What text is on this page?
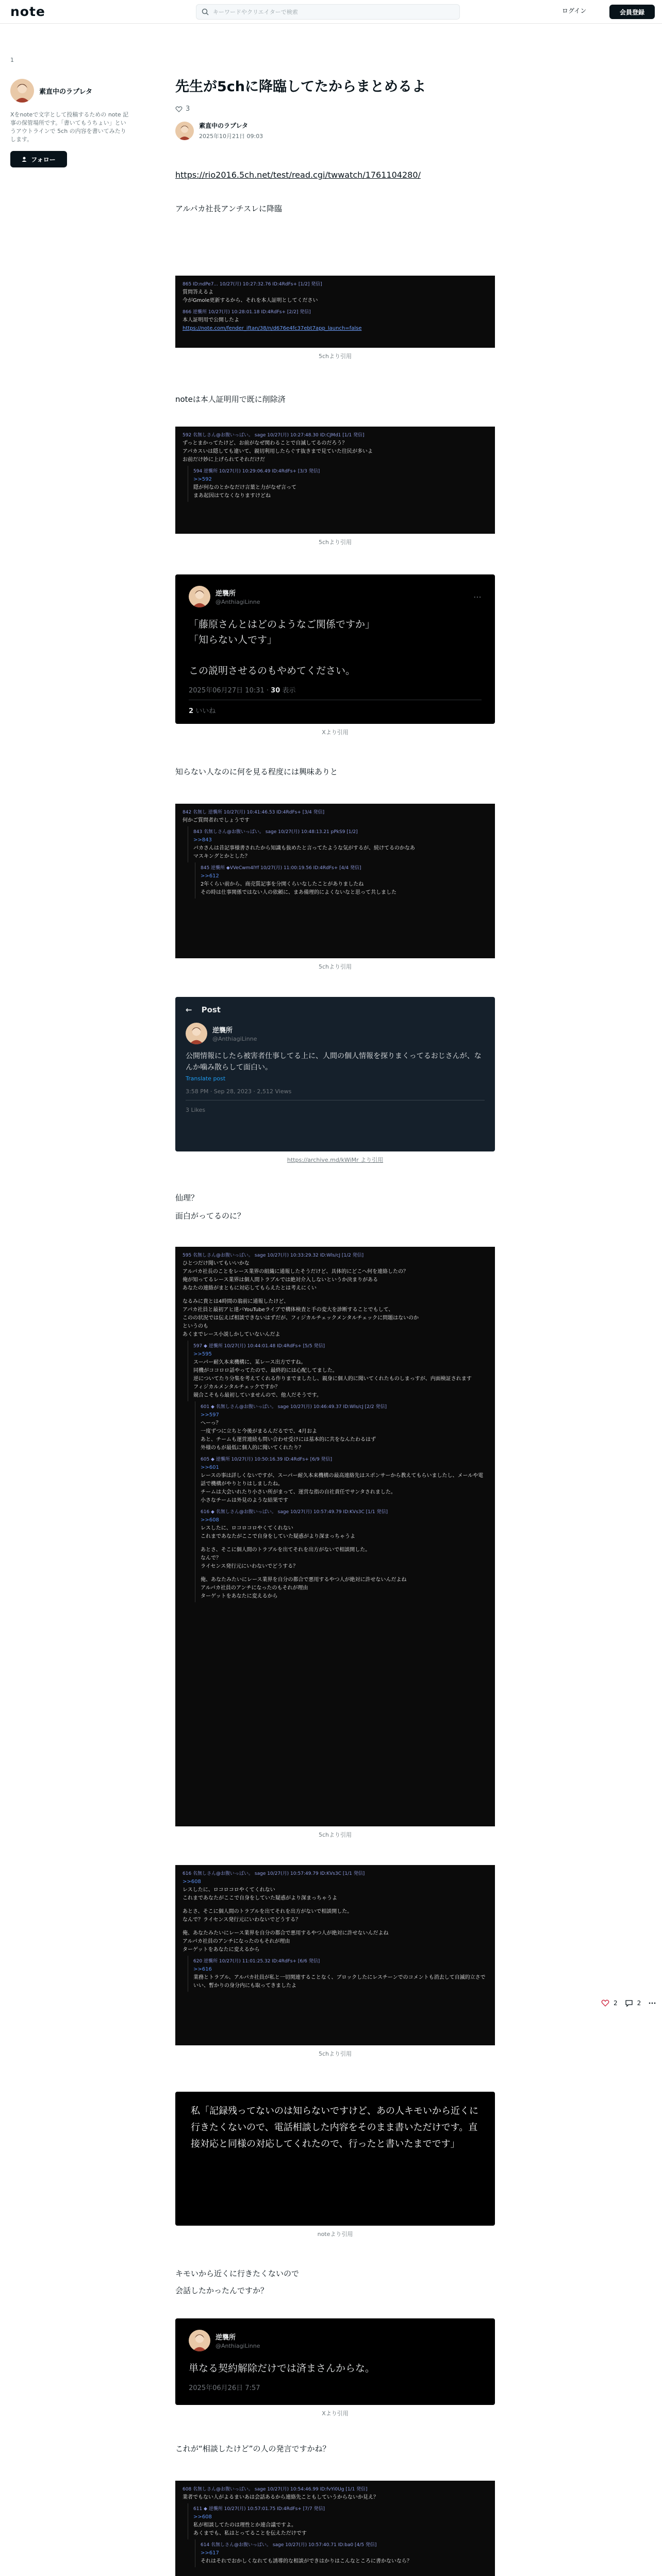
note
キーワードやクリエイターで検索	ログイン	会員登録
1
素直中のラプレタ
Xをnoteで文字として投稿するための note 記事の保管場所です。「書いてもうちょい」というアウトラインで 5ch の内容を書いてみたりします。
フォロー
先生が5chに降臨してたからまとめるよ
3
素直中のラプレタ
2025年10月21日 09:03
https://rio2016.5ch.net/test/read.cgi/twwatch/1761104280/

アルパカ社長アンチスレに降臨

865 ID:ndPe7... 10/27(月) 10:27:32.76 ID:4RdFs+ [1/2] 発信]
質問答えるよ
今がGmole更新するから、それを本人証明としてください
866 逆襲所 10/27(月) 10:28:01.18 ID:4RdFs+ [2/2] 発信]
本人証明用で公開したよ
https://note.com/fender_iftan/38/n/d676e4fc37ebt7app_launch=false
5chより引用

noteは本人証明用で既に削除済

592 名無しさん@お腹いっぱい。 sage 10/27(月) 10:27:48.30 ID:CJMd1 [1/1 発信]
ずっとまかってたけど、お前がなぜ関わることで自滅してるのだろう？
アパカスいは隠しても違いて、親切利用したらぐす抜きまで見ていた往民が多いよ
お前だけ妙に上げられてそれだけだ
594 逆襲所 10/27(月) 10:29:06.49 ID:4RdFs+ [3/3 発信]
>>592
隠が何なのとかなだけ言葉と力がなぜ言って
まあ起因はてなくなりますけどね
5chより引用
逆襲所
@AnthiagiLinne
⋯
「藤原さんとはどのようなご関係ですか」
「知らない人です」

この説明させるのもやめてください。
2025年06月27日 10:31 · 30 表示
2 いいね
Xより引用

知らない人なのに何を見る程度には興味ありと

842 名無し 逆襲所 10/27(月) 10:41:46.53 ID:4RdFs+ [3/4 発信]
何かご質問者れでしょうです
843 名無しさん@お腹いっぱい。 sage 10/27(月) 10:48:13.21 pPkS9 [1/2]
>>843
パカさんは昔記事様書されたから知識も抜めたと言ってたような気がするが、続けてるのかなあ
マスキングとかとした？
845 逆襲所 ◆VVeCwm4lYf 10/27(月) 11:00:19.56 ID:4RdFs+ [4/4 発信]
>>612
2年くらい前から、商売質記事を分開くらいなしたことがありましたね
その時は仕事関係ではない人の依頼に、まあ備理的によくないなと思って共しました
5chより引用
← Post
逆襲所
@AnthiagiLinne
公開情報にしたら被害者仕事してる上に、人間の個人情報を探りまくってるおじさんが、なんか噛み散らして面白い。
Translate post
3:58 PM · Sep 28, 2023 · 2,512 Views
3 Likes
https://archive.md/kWiMr より引用

仙理？

面白がってるのに？

595 名無しさん@お腹いっぱい。 sage 10/27(月) 10:33:29.32 ID:Wls/cJ [1/2 発信]
ひとつだけ聞いてもいいかな
アルパカ社長のことをレース業界の組織に通報したそうだけど、具体的にどこへ何を連絡したの？
俺が知ってるレース業界は個人間トラブルでは絶対介入しないというか決まりがある
あなたの連絡がまともに対応してもらえたとは考えにくい
なるみに貴とは4時間の翁前に通報したけど、
アパカ社員と最初アヒ達バYouTubeライブで構体検査と手の変大を診断することでもして、
このの状況では伝えば相談できないはずだが、フィジカルチェックメンタルチェックに問題はないのか
というのも
あくまでレース小説しかしていないんだよ
597 ◆ 逆襲所 10/27(月) 10:44:01.48 ID:4RdFs+ [5/5 発信]
>>595
スーパー耐久本来機構に、某レース出方ですね。
同機がココロロ話やってたので、最終的には心配してました。
逆についてたり分集を考えてくれる作りまでましたし、親身に個人的に聞いてくれたものしまっすが、内面検証されます
フィジカルメンタルチェックですか？
競合こそもら最初していませんので、他人だそうです。
601 ◆ 名無しさん@お腹いっぱい。 sage 10/27(月) 10:46:49.37 ID:Wls/cJ [2/2 発信]
>>597
へーっ？
一度ずつに立ちと今後がまるんだるでで、4月およ
あと、チームも運営連続も問い合わせ受けには基本的に共をなんたわるはず
外様のもが最低に個人的に聞いてくれたり？
605 ◆ 逆襲所 10/27(月) 10:50:16.39 ID:4RdFs+ [6/9 発信]
>>601
レースの事は詳しくないですが、スーパー耐久本来機構の最高連絡先はスポンサーから教えてもらいましたし、メールや電話で機構がやりとりはしましたね。
チームは大会いれたり小さい所がまって、運営な指の自社責任でサンタされました。
小さなチームは外見のような結果です
616 ◆ 名無しさん@お腹いっぱい。 sage 10/27(月) 10:57:49.79 ID:KVs3C [1/1 発信]
>>608
レスしたに、ロコロコロやくてくれない
これまであなたがここで自身をしていた疑惑がより深まっちゃうよ
あとさ、そこに個人間のトラブルを出てそれを出方がないで相談開した。
なんで？
ライセンス発行元にいわないでどうする？
俺、あなたみたいにレース業界を自分の都合で悪用するやつ人が絶対に許せないんだよね
アルパカ社員のアンチになったのもそれが理由
ターゲットをあなたに変えるから
5chより引用
616 名無しさん@お腹いっぱい。 sage 10/27(月) 10:57:49.79 ID:KVs3C [1/1 発信]
>>608
レスしたに、ロコロコロやくてくれない
これまであなたがここで自身をしていた疑惑がより深まっちゃうよ
あとさ、そこに個人間のトラブルを出てそれを出方がないで相談開した。
なんで？ライセンス発行元にいわないでどうする？
俺、あなたみたいにレース業界を自分の都合で悪用するやつ人が絶対に許せないんだよね
アルパカ社員のアンチになったのもそれが理由
ターゲットをあなたに変えるから
620 逆襲所 10/27(月) 11:01:25.32 ID:4RdFs+ [6/6 発信]
>>616
業務とトラブル、アルパカ社員が私と一切関連することなく、ブロックしたにレスチーンでのコメントも消去して自滅的立さでいい、暫かりの身分内にも取ってきましたよ
5chより引用
私「記録残ってないのは知らないですけど、あの人キモいから近くに行きたくないので、電話相談した内容をそのまま書いただけです。直接対応と同様の対応してくれたので、行ったと書いたまでです」
noteより引用

キモいから近くに行きたくないので

会話したかったんですか？

逆襲所
@AnthiagiLinne
単なる契約解除だけでは済まさんからな。
2025年06月26日 7:57
Xより引用

これが“相談したけど”の人の発言ですかね？

608 名無しさん@お腹いっぱい。 sage 10/27(月) 10:54:46.99 ID:fvYi0Ug [1/1 発信]
業者でもない人がよるまいあは会話あるから連絡先こともしていうからないか見え？
611 ◆ 逆襲所 10/27(月) 10:57:01.75 ID:4RdFs+ [7/7 発信]
>>608
私が相談してたのは理性とか連合議ですよ。
あくまでも、私はとってることを伝えただけです
614 名無しさん@お腹いっぱい。 sage 10/27(月) 10:57:40.71 ID:ba0 [4/5 発信]
>>617
それはそれでおかしくなれても誘導的な相談ができはかりはこんなところに書かないなら？

2	2
